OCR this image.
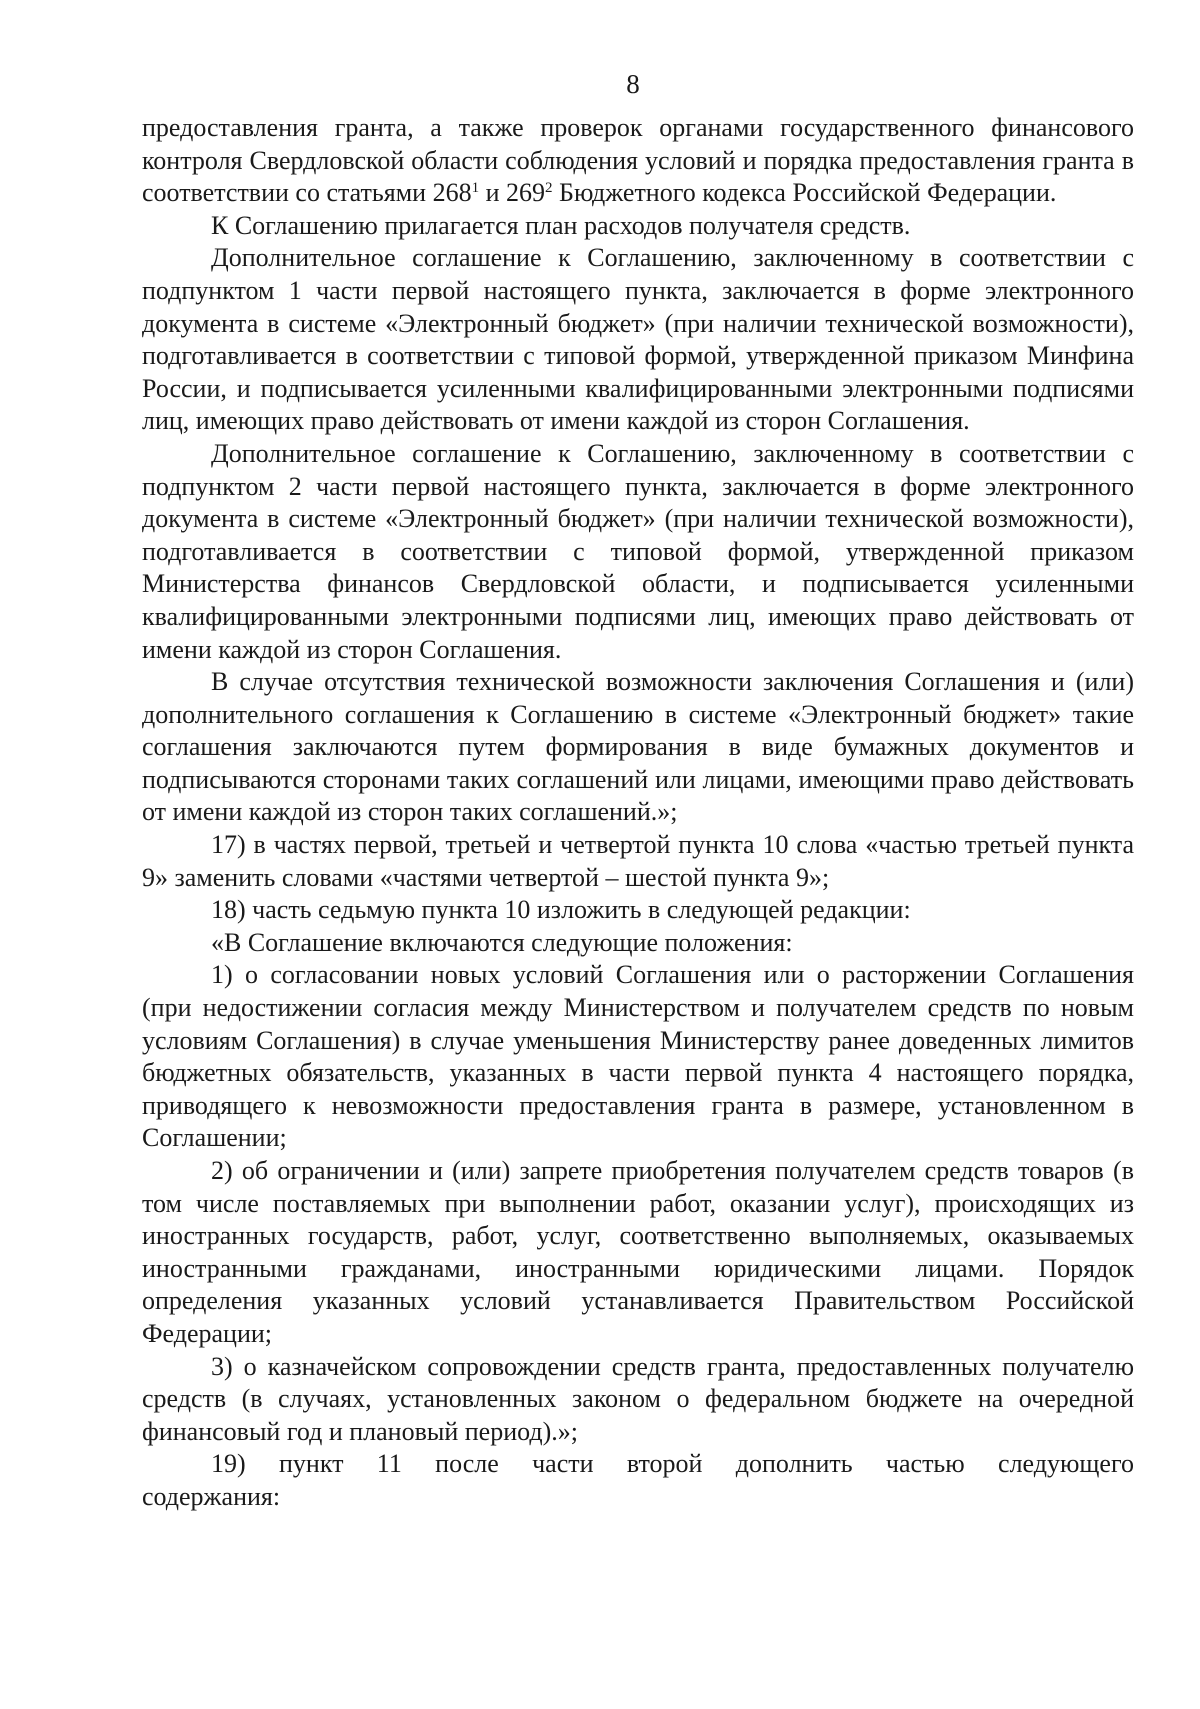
8

предоставления гранта, а также проверок органами государственного финансового контроля Свердловской области соблюдения условий и порядка предоставления гранта в соответствии со статьями $268^1$ и $269^2$ Бюджетного кодекса Российской Федерации.

К Соглашению прилагается план расходов получателя средств.

Дополнительное соглашение к Соглашению, заключенному в соответствии с подпунктом 1 части первой настоящего пункта, заключается в форме электронного документа в системе «Электронный бюджет» (при наличии технической возможности), подготавливается в соответствии с типовой формой, утвержденной приказом Минфина России, и подписывается усиленными квалифицированными электронными подписями лиц, имеющих право действовать от имени каждой из сторон Соглашения.

Дополнительное соглашение к Соглашению, заключенному в соответствии с подпунктом 2 части первой настоящего пункта, заключается в форме электронного документа в системе «Электронный бюджет» (при наличии технической возможности), подготавливается в соответствии с типовой формой, утвержденной приказом Министерства финансов Свердловской области, и подписывается усиленными квалифицированными электронными подписями лиц, имеющих право действовать от имени каждой из сторон Соглашения.

В случае отсутствия технической возможности заключения Соглашения и (или) дополнительного соглашения к Соглашению в системе «Электронный бюджет» такие соглашения заключаются путем формирования в виде бумажных документов и подписываются сторонами таких соглашений или лицами, имеющими право действовать от имени каждой из сторон таких соглашений.»;

17) в частях первой, третьей и четвертой пункта 10 слова «частью третьей пункта 9» заменить словами «частями четвертой – шестой пункта 9»;

18) часть седьмую пункта 10 изложить в следующей редакции:

«В Соглашение включаются следующие положения:

1) о согласовании новых условий Соглашения или о расторжении Соглашения (при недостижении согласия между Министерством и получателем средств по новым условиям Соглашения) в случае уменьшения Министерству ранее доведенных лимитов бюджетных обязательств, указанных в части первой пункта 4 настоящего порядка, приводящего к невозможности предоставления гранта в размере, установленном в Соглашении;

2) об ограничении и (или) запрете приобретения получателем средств товаров (в том числе поставляемых при выполнении работ, оказании услуг), происходящих из иностранных государств, работ, услуг, соответственно выполняемых, оказываемых иностранными гражданами, иностранными юридическими лицами. Порядок определения указанных условий устанавливается Правительством Российской Федерации;

3) о казначейском сопровождении средств гранта, предоставленных получателю средств (в случаях, установленных законом о федеральном бюджете на очередной финансовый год и плановый период).»;

19) пункт 11 после части второй дополнить частью следующего

содержания:
